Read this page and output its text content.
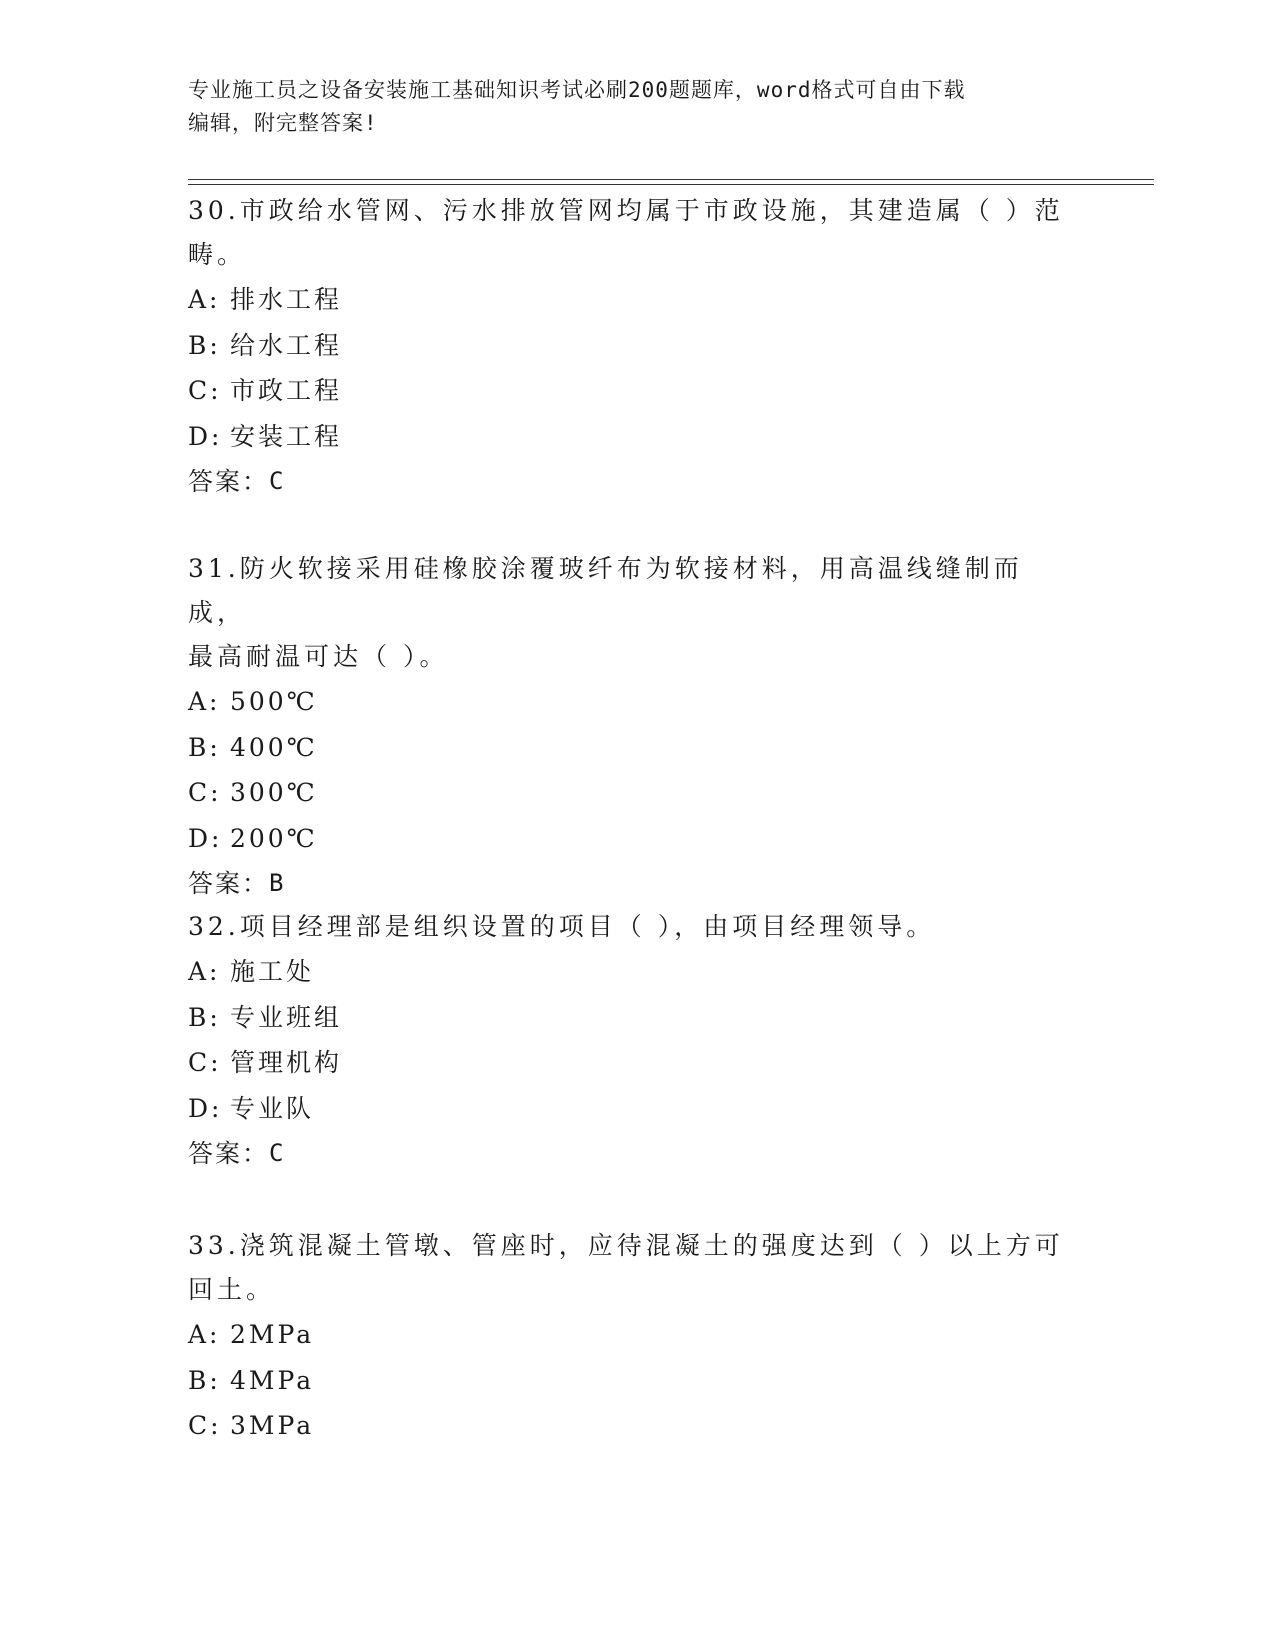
专业施工员之设备安装施工基础知识考试必刷200题题库，word格式可自由下载
编辑，附完整答案!

30.市政给水管网、污水排放管网均属于市政设施，其建造属（ ）范

畴。

A: 排水工程

B: 给水工程

C: 市政工程

D: 安装工程

答案： C

31.防火软接采用硅橡胶涂覆玻纤布为软接材料，用高温线缝制而成，

最高耐温可达（ ）。

A: 500℃

B: 400℃

C: 300℃

D: 200℃

答案： B

32.项目经理部是组织设置的项目（ ），由项目经理领导。

A: 施工处

B: 专业班组

C: 管理机构

D: 专业队

答案： C

33.浇筑混凝土管墩、管座时，应待混凝土的强度达到（ ）以上方可

回土。

A: 2MPa

B: 4MPa

C: 3MPa
